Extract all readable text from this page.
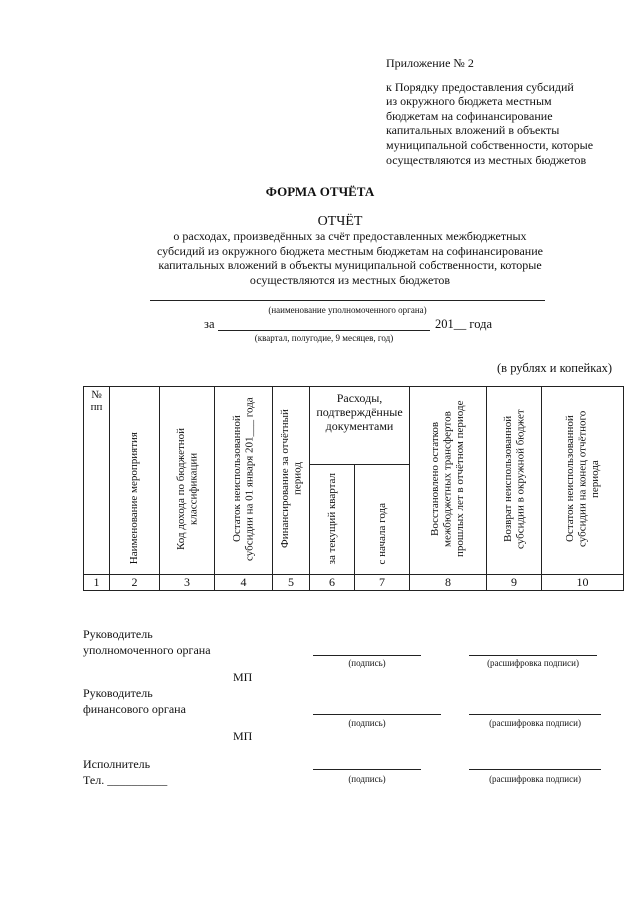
Приложение № 2
к Порядку предоставления субсидий
из окружного бюджета местным
бюджетам на софинансирование
капитальных вложений в объекты
муниципальной собственности, которые
осуществляются из местных бюджетов
ФОРМА ОТЧЁТА
ОТЧЁТ
о расходах, произведённых за счёт предоставленных межбюджетных
субсидий из окружного бюджета местным бюджетам на софинансирование
капитальных вложений в объекты муниципальной собственности, которые
осуществляются из местных бюджетов
(наименование уполномоченного органа)
за	201__ года
(квартал, полугодие, 9 месяцев, год)
(в рублях и копейках)
№ пп	Наименование мероприятия	Код дохода по бюджетной классификации	Остаток неиспользованной субсидии на 01 января 201___ года	Финансирование за отчётный период	Расходы, подтверждённые документами		Восстановлено остатков межбюджетных трансфертов прошлых лет в отчётном периоде	Возврат неиспользованной субсидии в окружной бюджет	Остаток неиспользованной субсидии на конец отчётного периода
					за текущий квартал	с начала года			
1	2	3	4	5	6	7	8	9	10
Руководитель
уполномоченного органа
(подпись)	(расшифровка подписи)
МП
Руководитель
финансового органа
(подпись)	(расшифровка подписи)
МП
Исполнитель
Тел. __________	(подпись)	(расшифровка подписи)
